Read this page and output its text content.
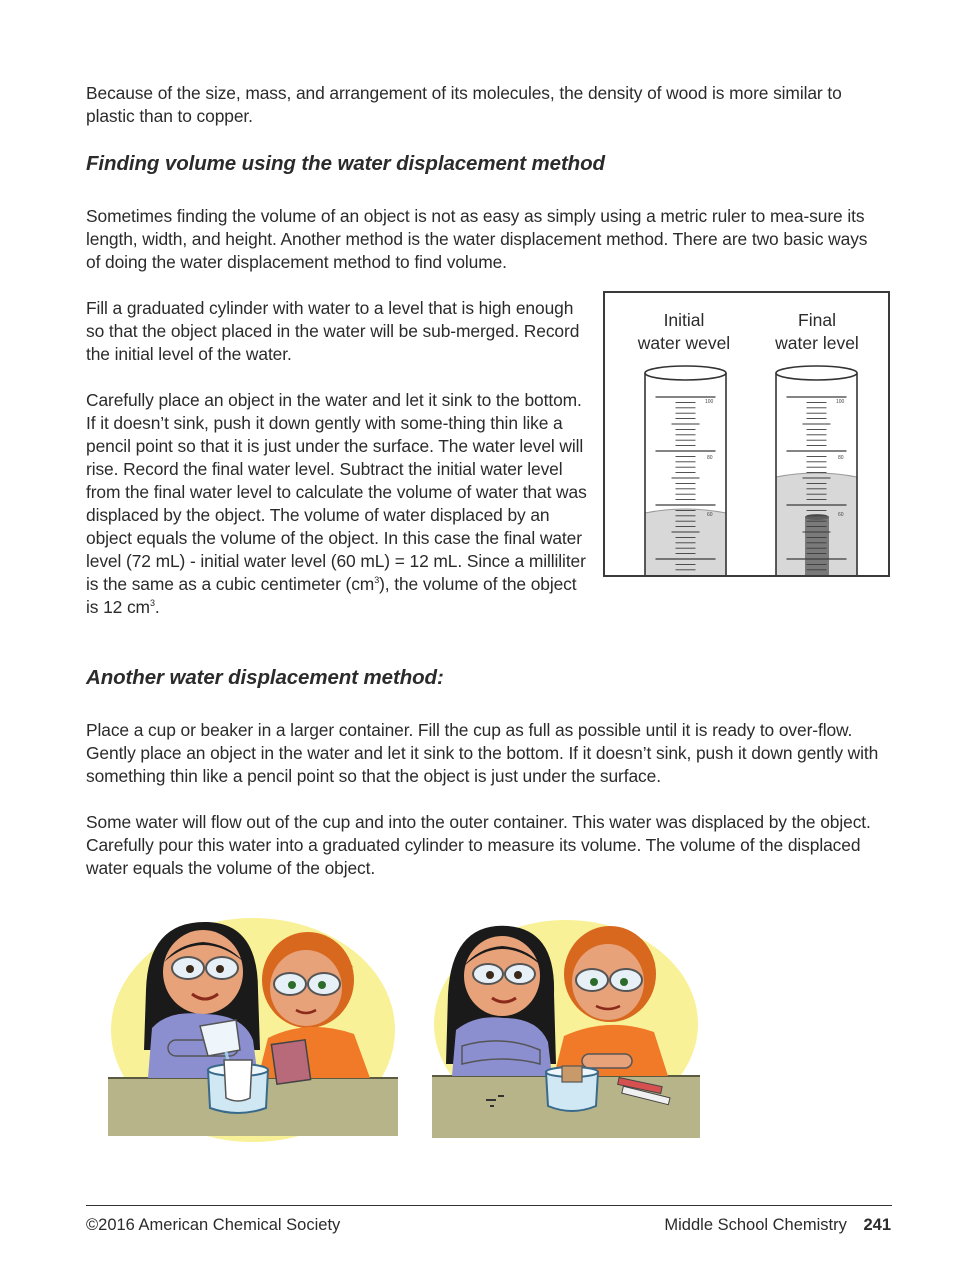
Because of the size, mass, and arrangement of its molecules, the density of wood is more similar to plastic than to copper.

Finding volume using the water displacement method

Sometimes finding the volume of an object is not as easy as simply using a metric ruler to mea-sure its length, width, and height. Another method is the water displacement method. There are two basic ways of doing the water displacement method to find volume.

Fill a graduated cylinder with water to a level that is high enough so that the object placed in the water will be sub-merged. Record the initial level of the water.

Carefully place an object in the water and let it sink to the bottom. If it doesn’t sink, push it down gently with some-thing thin like a pencil point so that it is just under the surface. The water level will rise. Record the final water level. Subtract the initial water level from the final water level to calculate the volume of water that was displaced by the object. The volume of water displaced by an object equals the volume of the object. In this case the final water level (72 mL) - initial water level (60 mL) = 12 mL. Since a milliliter is the same as a cubic centimeter $(cm^3)$, the volume of the object is 12 $cm^3$.

Initial
water wevel
Final
water level
100
80
60
100
80
60
Another water displacement method:

Place a cup or beaker in a larger container. Fill the cup as full as possible until it is ready to over-flow. Gently place an object in the water and let it sink to the bottom. If it doesn’t sink, push it down gently with something thin like a pencil point so that the object is just under the surface.

Some water will flow out of the cup and into the outer container. This water was displaced by the object. Carefully pour this water into a graduated cylinder to measure its volume. The volume of the displaced water equals the volume of the object.

©2016 American Chemical Society	Middle School Chemistry 241
